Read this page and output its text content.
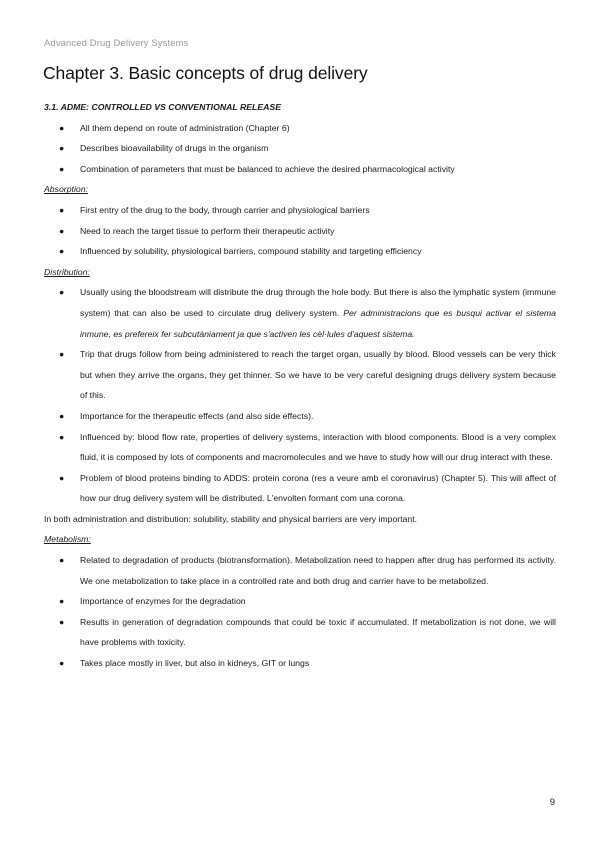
Advanced Drug Delivery Systems
Chapter 3. Basic concepts of drug delivery
3.1. ADME: CONTROLLED VS CONVENTIONAL RELEASE
● All them depend on route of administration (Chapter 6)
● Describes bioavailability of drugs in the organism
● Combination of parameters that must be balanced to achieve the desired pharmacological activity
Absorption:
● First entry of the drug to the body, through carrier and physiological barriers
● Need to reach the target tissue to perform their therapeutic activity
● Influenced by solubility, physiological barriers, compound stability and targeting efficiency
Distribution:
● Usually using the bloodstream will distribute the drug through the hole body. But there is also the lymphatic system (immune system) that can also be used to circulate drug delivery system. Per administracions que es busqui activar el sistema inmune, es prefereix fer subcutàniament ja que s'activen les cèl·lules d'aquest sistema.
● Trip that drugs follow from being administered to reach the target organ, usually by blood. Blood vessels can be very thick but when they arrive the organs, they get thinner. So we have to be very careful designing drugs delivery system because of this.
● Importance for the therapeutic effects (and also side effects).
● Influenced by: blood flow rate, properties of delivery systems, interaction with blood components. Blood is a very complex fluid, it is composed by lots of components and macromolecules and we have to study how will our drug interact with these.
● Problem of blood proteins binding to ADDS: protein corona (res a veure amb el coronavirus) (Chapter 5). This will affect of how our drug delivery system will be distributed. L'envolten formant com una corona.
In both administration and distribution: solubility, stability and physical barriers are very important.
Metabolism:
● Related to degradation of products (biotransformation). Metabolization need to happen after drug has performed its activity. We one metabolization to take place in a controlled rate and both drug and carrier have to be metabolized.
● Importance of enzymes for the degradation
● Results in generation of degradation compounds that could be toxic if accumulated. If metabolization is not done, we will have problems with toxicity.
● Takes place mostly in liver, but also in kidneys, GIT or lungs
9
